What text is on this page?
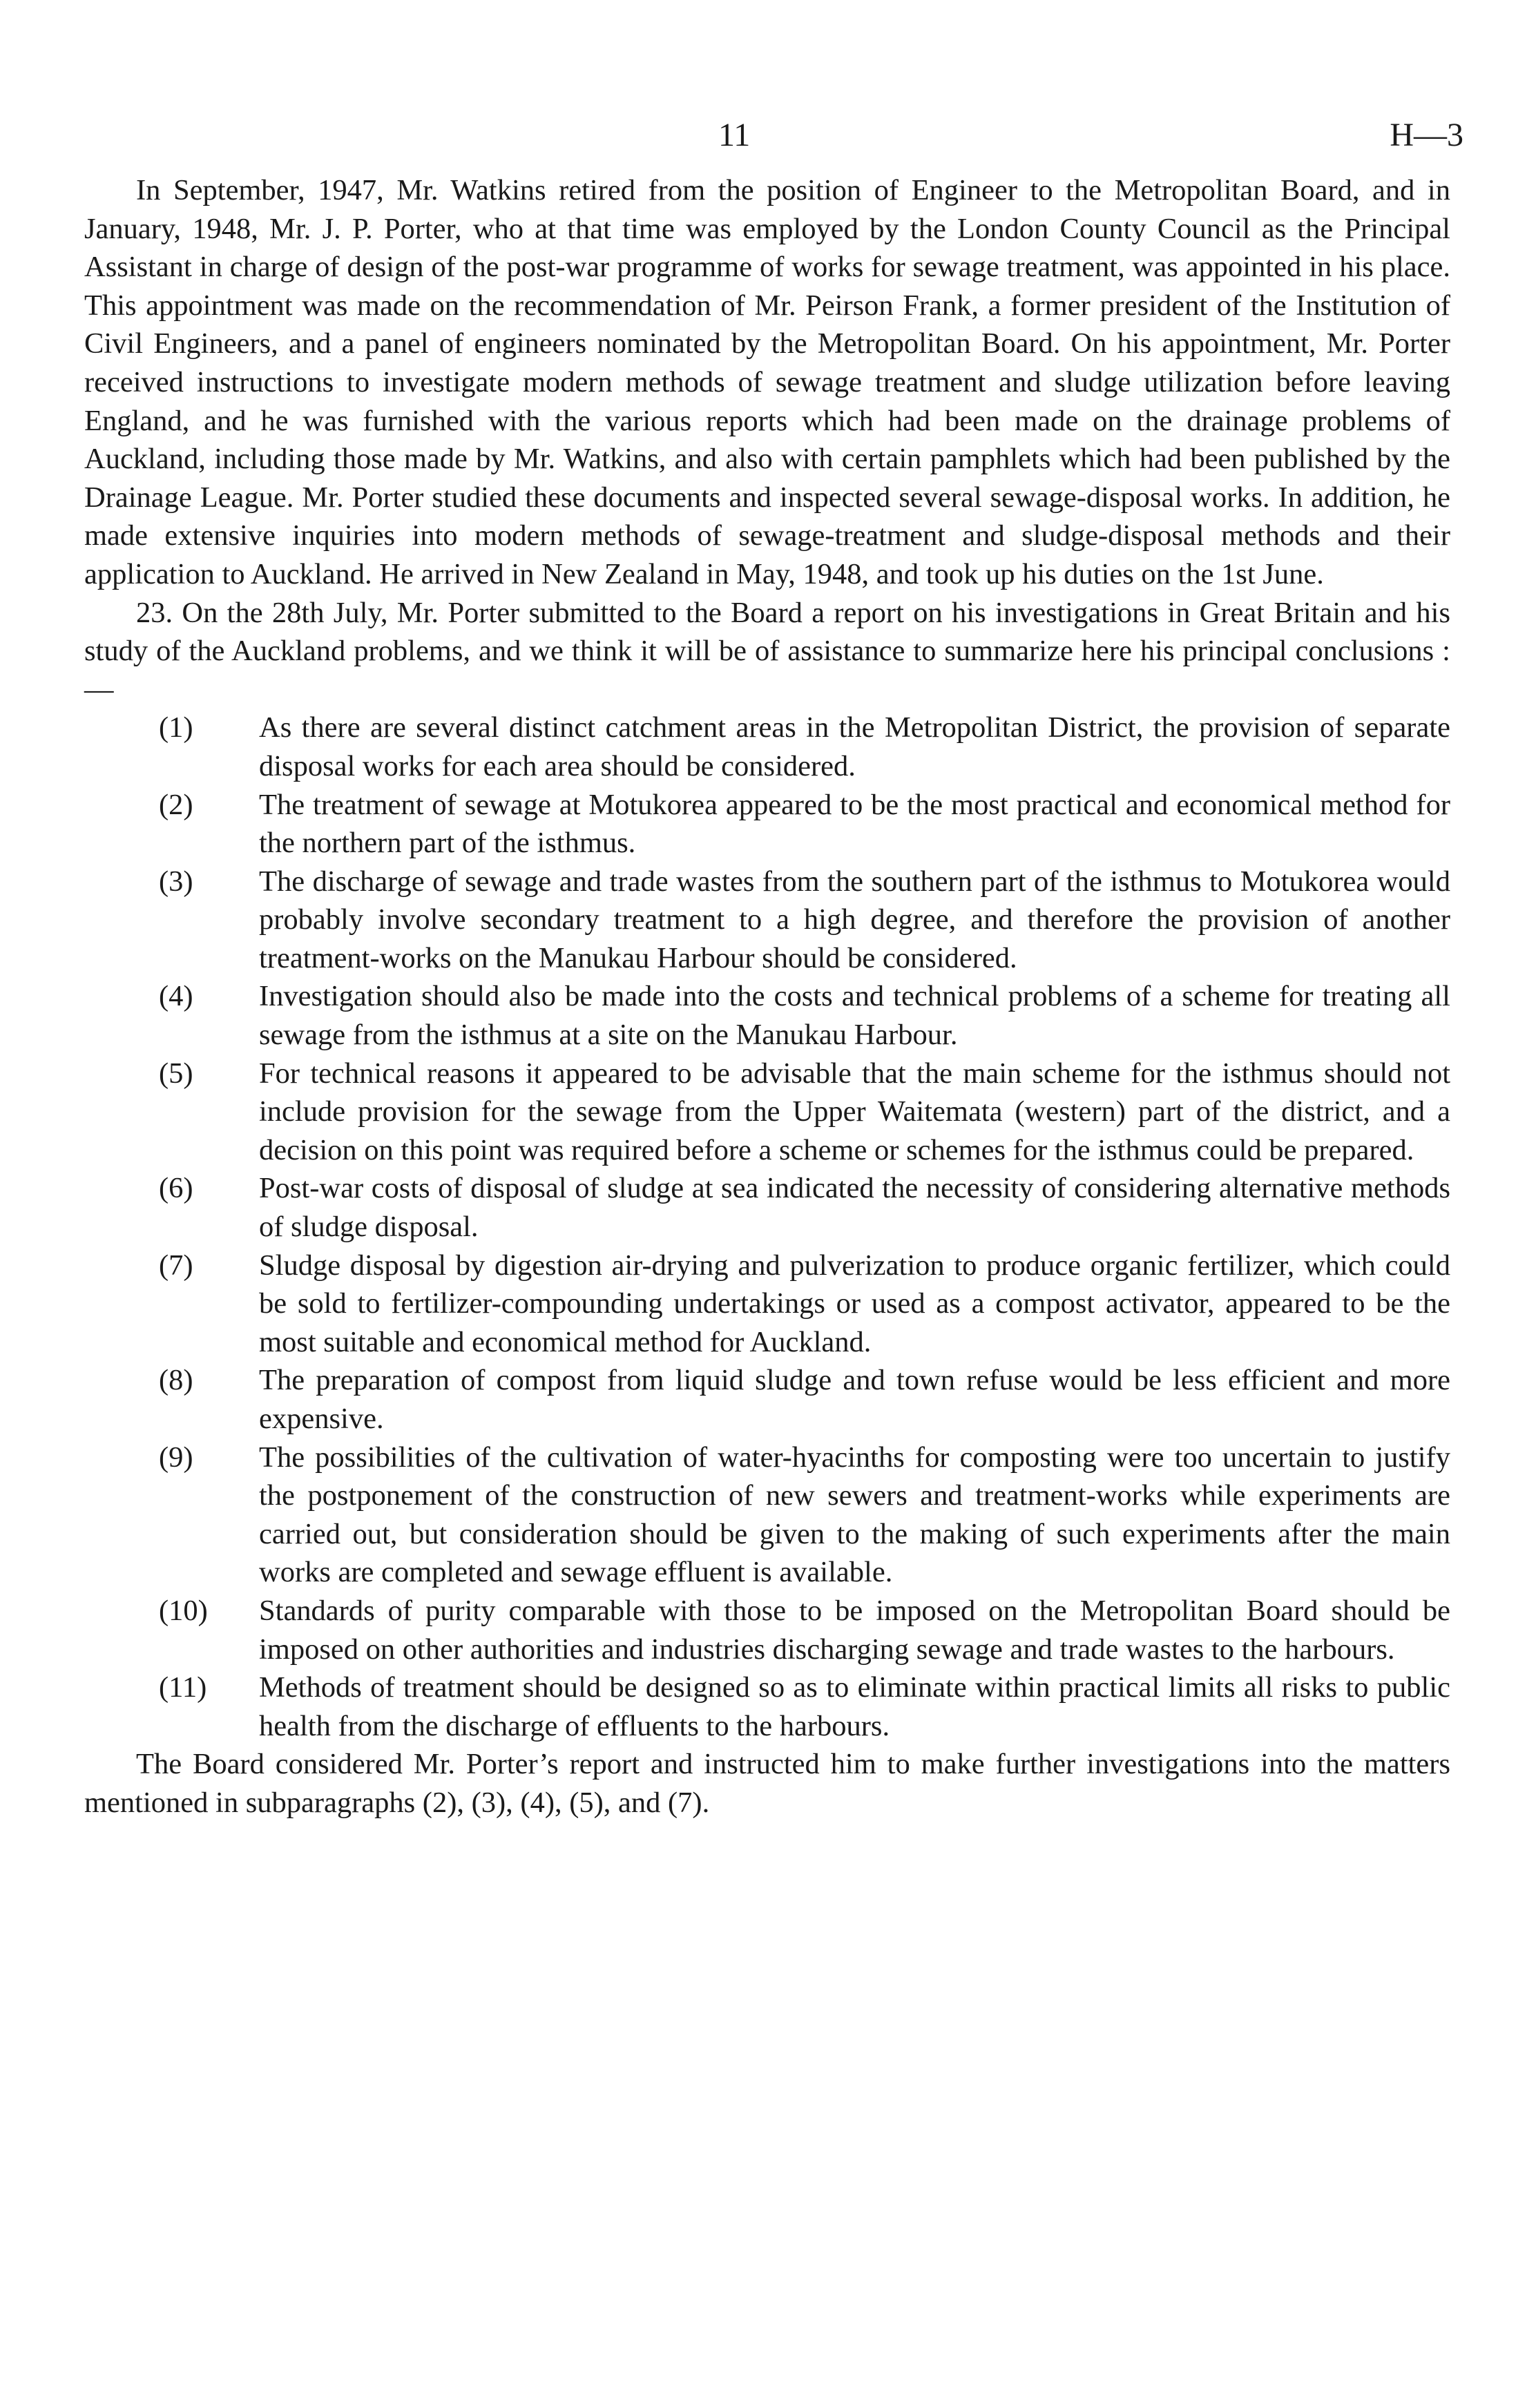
11	H—3

In September, 1947, Mr. Watkins retired from the position of Engineer to the Metropolitan Board, and in January, 1948, Mr. J. P. Porter, who at that time was employed by the London County Council as the Principal Assistant in charge of design of the post-war programme of works for sewage treatment, was appointed in his place. This appointment was made on the recommendation of Mr. Peirson Frank, a former president of the Institution of Civil Engineers, and a panel of engineers nominated by the Metropolitan Board. On his appointment, Mr. Porter received instructions to investigate modern methods of sewage treatment and sludge utilization before leaving England, and he was furnished with the various reports which had been made on the drainage problems of Auckland, including those made by Mr. Watkins, and also with certain pamphlets which had been published by the Drainage League. Mr. Porter studied these documents and inspected several sewage-disposal works. In addition, he made extensive inquiries into modern methods of sewage-treatment and sludge-disposal methods and their application to Auckland. He arrived in New Zealand in May, 1948, and took up his duties on the 1st June.

23. On the 28th July, Mr. Porter submitted to the Board a report on his investigations in Great Britain and his study of the Auckland problems, and we think it will be of assistance to summarize here his principal conclusions :—

(1) As there are several distinct catchment areas in the Metropolitan District, the provision of separate disposal works for each area should be considered.
(2) The treatment of sewage at Motukorea appeared to be the most practical and economical method for the northern part of the isthmus.
(3) The discharge of sewage and trade wastes from the southern part of the isthmus to Motukorea would probably involve secondary treatment to a high degree, and therefore the provision of another treatment-works on the Manukau Harbour should be considered.
(4) Investigation should also be made into the costs and technical problems of a scheme for treating all sewage from the isthmus at a site on the Manukau Harbour.
(5) For technical reasons it appeared to be advisable that the main scheme for the isthmus should not include provision for the sewage from the Upper Waitemata (western) part of the district, and a decision on this point was required before a scheme or schemes for the isthmus could be prepared.
(6) Post-war costs of disposal of sludge at sea indicated the necessity of considering alternative methods of sludge disposal.
(7) Sludge disposal by digestion air-drying and pulverization to produce organic fertilizer, which could be sold to fertilizer-compounding undertakings or used as a compost activator, appeared to be the most suitable and economical method for Auckland.
(8) The preparation of compost from liquid sludge and town refuse would be less efficient and more expensive.
(9) The possibilities of the cultivation of water-hyacinths for composting were too uncertain to justify the postponement of the construction of new sewers and treatment-works while experiments are carried out, but consideration should be given to the making of such experiments after the main works are completed and sewage effluent is available.
(10) Standards of purity comparable with those to be imposed on the Metropolitan Board should be imposed on other authorities and industries discharging sewage and trade wastes to the harbours.
(11) Methods of treatment should be designed so as to eliminate within practical limits all risks to public health from the discharge of effluents to the harbours.

The Board considered Mr. Porter’s report and instructed him to make further investigations into the matters mentioned in subparagraphs (2), (3), (4), (5), and (7).
